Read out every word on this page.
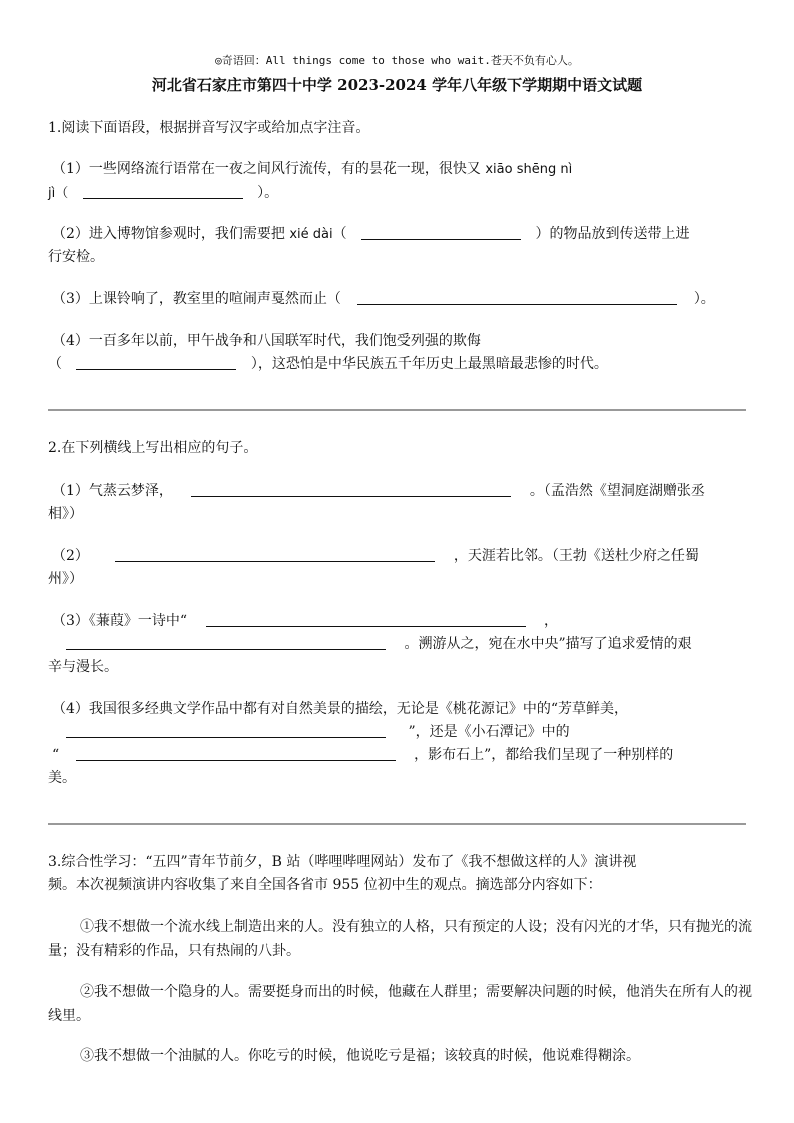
◎奇语回：All things come to those who wait.苍天不负有心人。
河北省石家庄市第四十中学 2023-2024 学年八年级下学期期中语文试题
1.阅读下面语段，根据拼音写汉字或给加点字注音。
（1）一些网络流行语常在一夜之间风行流传，有的昙花一现，很快又 xiāo shēng nì
jì（	）。
（2）进入博物馆参观时，我们需要把 xié dài（	）的物品放到传送带上进
行安检。
（3）上课铃响了，教室里的喧闹声戛然而止（	）。
（4）一百多年以前，甲午战争和八国联军时代，我们饱受列强的欺侮
（	），这恐怕是中华民族五千年历史上最黑暗最悲惨的时代。
2.在下列横线上写出相应的句子。
（1）气蒸云梦泽，	。（孟浩然《望洞庭湖赠张丞
相》）
（2）	，天涯若比邻。（王勃《送杜少府之任蜀
州》）
（3）《蒹葭》一诗中“	，
。溯游从之，宛在水中央”描写了追求爱情的艰
辛与漫长。
（4）我国很多经典文学作品中都有对自然美景的描绘，无论是《桃花源记》中的“芳草鲜美，
”，还是《小石潭记》中的
“	，影布石上”，都给我们呈现了一种别样的
美。
3.综合性学习：“五四”青年节前夕，B 站（哔哩哔哩网站）发布了《我不想做这样的人》演讲视
频。本次视频演讲内容收集了来自全国各省市 955 位初中生的观点。摘选部分内容如下：
①我不想做一个流水线上制造出来的人。没有独立的人格，只有预定的人设；没有闪光的才华，只有抛光的流量；没有精彩的作品，只有热闹的八卦。
②我不想做一个隐身的人。需要挺身而出的时候，他藏在人群里；需要解决问题的时候，他消失在所有人的视线里。
③我不想做一个油腻的人。你吃亏的时候，他说吃亏是福；该较真的时候，他说难得糊涂。
